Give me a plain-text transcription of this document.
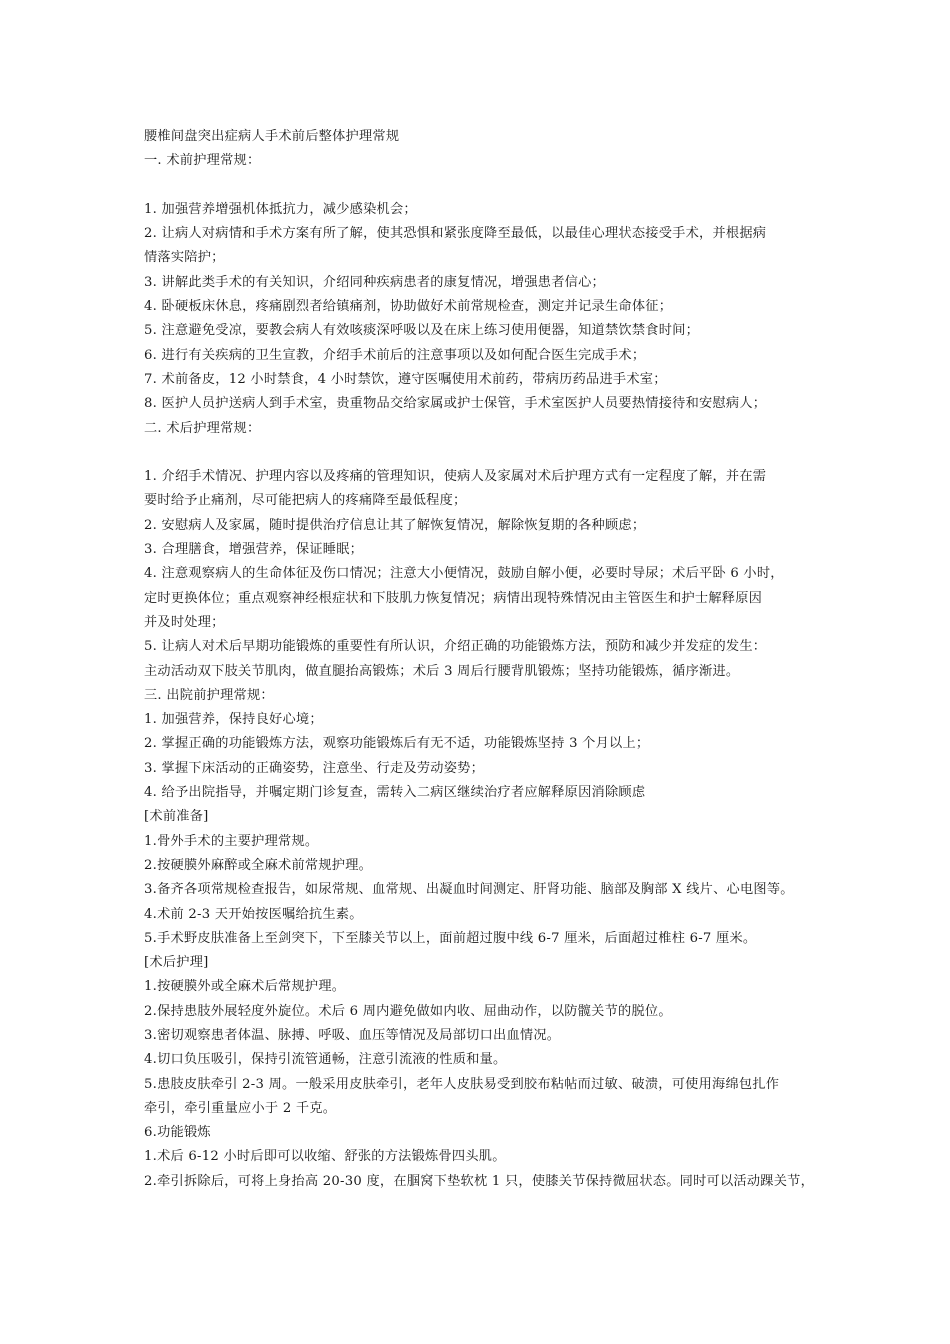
腰椎间盘突出症病人手术前后整体护理常规
一. 术前护理常规：
1. 加强营养增强机体抵抗力，减少感染机会；
2. 让病人对病情和手术方案有所了解，使其恐惧和紧张度降至最低，以最佳心理状态接受手术，并根据病
情落实陪护；
3. 讲解此类手术的有关知识，介绍同种疾病患者的康复情况，增强患者信心；
4. 卧硬板床休息，疼痛剧烈者给镇痛剂，协助做好术前常规检查，测定并记录生命体征；
5. 注意避免受凉，要教会病人有效咳痰深呼吸以及在床上练习使用便器，知道禁饮禁食时间；
6. 进行有关疾病的卫生宣教，介绍手术前后的注意事项以及如何配合医生完成手术；
7. 术前备皮，12 小时禁食，4 小时禁饮，遵守医嘱使用术前药，带病历药品进手术室；
8. 医护人员护送病人到手术室，贵重物品交给家属或护士保管，手术室医护人员要热情接待和安慰病人；
二. 术后护理常规：
1. 介绍手术情况、护理内容以及疼痛的管理知识，使病人及家属对术后护理方式有一定程度了解，并在需
要时给予止痛剂，尽可能把病人的疼痛降至最低程度；
2. 安慰病人及家属，随时提供治疗信息让其了解恢复情况，解除恢复期的各种顾虑；
3. 合理膳食，增强营养，保证睡眠；
4. 注意观察病人的生命体征及伤口情况；注意大小便情况，鼓励自解小便，必要时导尿；术后平卧 6 小时，
定时更换体位；重点观察神经根症状和下肢肌力恢复情况；病情出现特殊情况由主管医生和护士解释原因
并及时处理；
5. 让病人对术后早期功能锻炼的重要性有所认识，介绍正确的功能锻炼方法，预防和减少并发症的发生：
主动活动双下肢关节肌肉，做直腿抬高锻炼；术后 3 周后行腰背肌锻炼；坚持功能锻炼，循序渐进。
三. 出院前护理常规：
1. 加强营养，保持良好心境；
2. 掌握正确的功能锻炼方法，观察功能锻炼后有无不适，功能锻炼坚持 3 个月以上；
3. 掌握下床活动的正确姿势，注意坐、行走及劳动姿势；
4. 给予出院指导，并嘱定期门诊复查，需转入二病区继续治疗者应解释原因消除顾虑
[术前准备]
1.骨外手术的主要护理常规。
2.按硬膜外麻醉或全麻术前常规护理。
3.备齐各项常规检查报告，如尿常规、血常规、出凝血时间测定、肝肾功能、脑部及胸部 X 线片、心电图等。
4.术前 2-3 天开始按医嘱给抗生素。
5.手术野皮肤准备上至剑突下，下至膝关节以上，面前超过腹中线 6-7 厘米，后面超过椎柱 6-7 厘米。
[术后护理]
1.按硬膜外或全麻术后常规护理。
2.保持患肢外展轻度外旋位。术后 6 周内避免做如内收、屈曲动作，以防髋关节的脱位。
3.密切观察患者体温、脉搏、呼吸、血压等情况及局部切口出血情况。
4.切口负压吸引，保持引流管通畅，注意引流液的性质和量。
5.患肢皮肤牵引 2-3 周。一般采用皮肤牵引，老年人皮肤易受到胶布粘帖而过敏、破溃，可使用海绵包扎作
牵引，牵引重量应小于 2 千克。
6.功能锻炼
1.术后 6-12 小时后即可以收缩、舒张的方法锻炼骨四头肌。
2.牵引拆除后，可将上身抬高 20-30 度，在腘窝下垫软枕 1 只，使膝关节保持微屈状态。同时可以活动踝关节，
